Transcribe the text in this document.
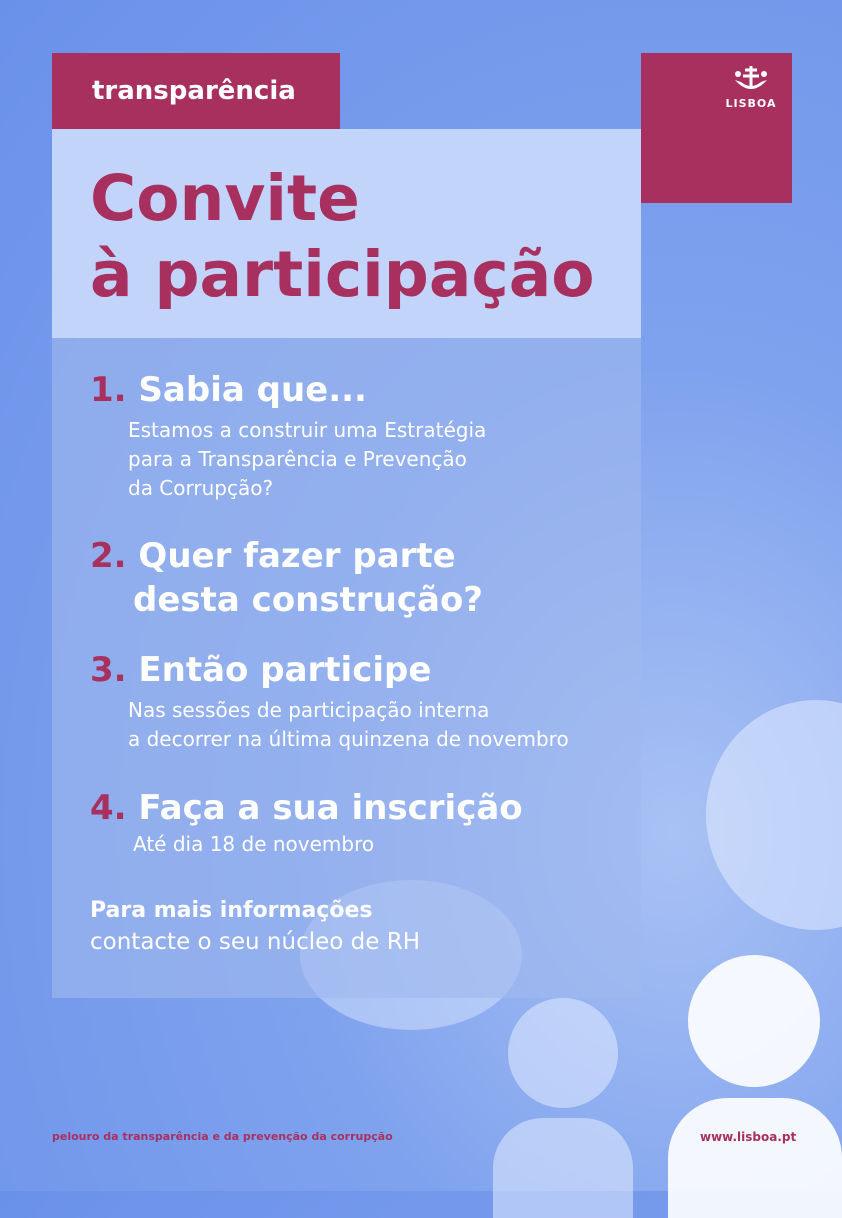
transparência	LISBOA
Convite
à participação

1. Sabia que...

Estamos a construir uma Estratégia

para a Transparência e Prevenção

da Corrupção?

2. Quer fazer parte

desta construção?

3. Então participe

Nas sessões de participação interna

a decorrer na última quinzena de novembro

4. Faça a sua inscrição

Até dia 18 de novembro

Para mais informações
contacte o seu núcleo de RH
pelouro da transparência e da prevenção da corrupção	www.lisboa.pt
